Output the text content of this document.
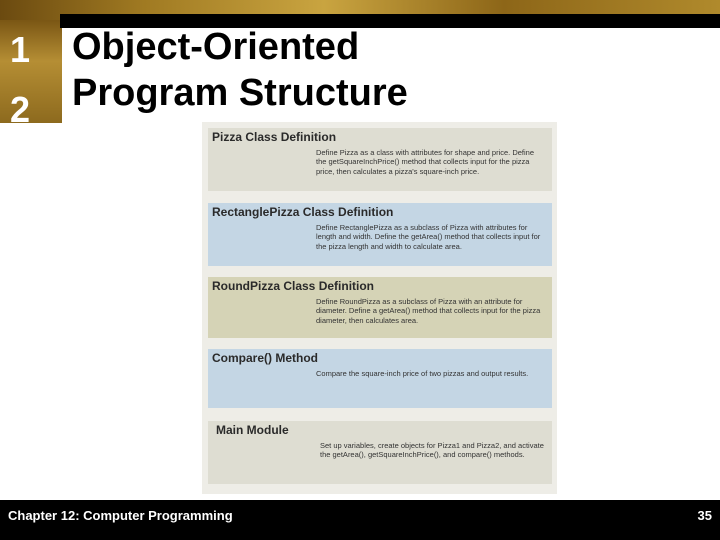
1
2
Object-Oriented
Program Structure
Pizza Class Definition
Define Pizza as a class with attributes for shape and price. Define the getSquareInchPrice() method that collects input for the pizza price, then calculates a pizza's square-inch price.
RectanglePizza Class Definition
Define RectanglePizza as a subclass of Pizza with attributes for length and width. Define the getArea() method that collects input for the pizza length and width to calculate area.
RoundPizza Class Definition
Define RoundPizza as a subclass of Pizza with an attribute for diameter. Define a getArea() method that collects input for the pizza diameter, then calculates area.
Compare() Method
Compare the square-inch price of two pizzas and output results.
Main Module
Set up variables, create objects for Pizza1 and Pizza2, and activate the getArea(), getSquareInchPrice(), and compare() methods.
Chapter 12: Computer Programming	35
